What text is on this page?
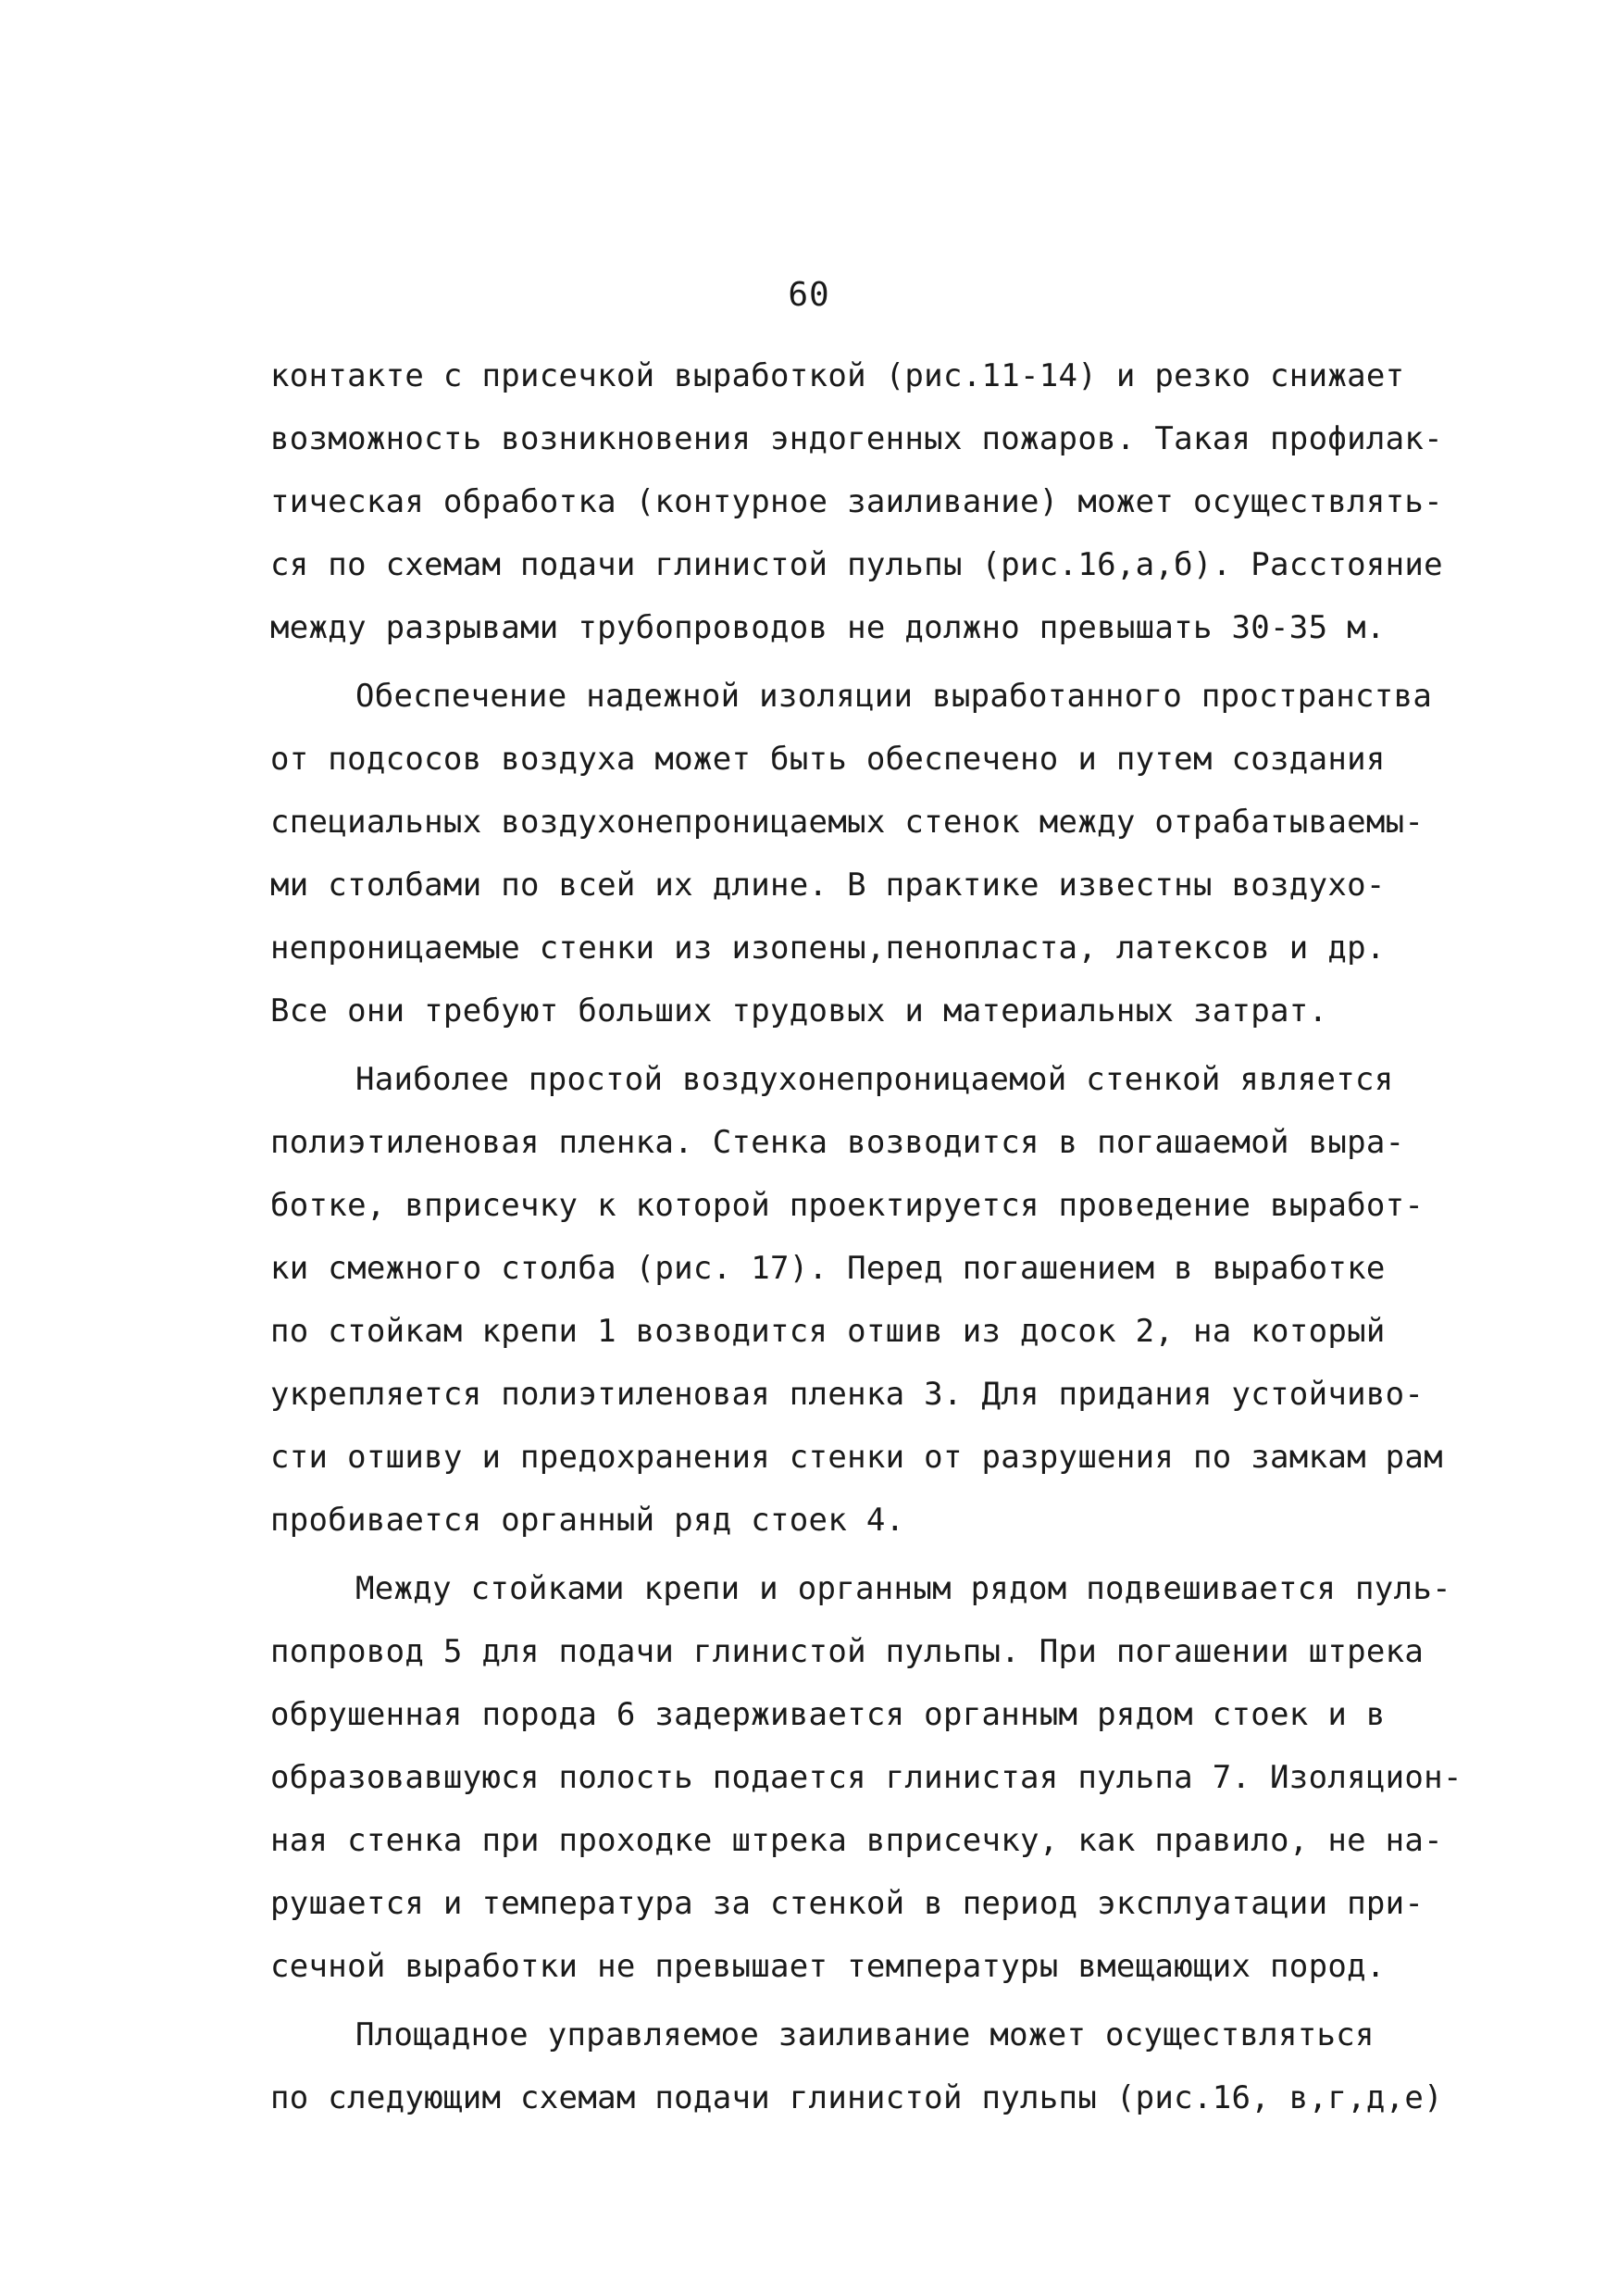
60
контакте с присечкой выработкой (рис.11-14) и резко снижает
возможность возникновения эндогенных пожаров. Такая профилак-
тическая обработка (контурное заиливание) может осуществлять-
ся по схемам подачи глинистой пульпы (рис.16,а,б). Расстояние
между разрывами трубопроводов не должно превышать 30-35 м.
Обеспечение надежной изоляции выработанного пространства
от подсосов воздуха может быть обеспечено и путем создания
специальных воздухонепроницаемых стенок между отрабатываемы-
ми столбами по всей их длине. В практике известны воздухо-
непроницаемые стенки из изопены,пенопласта, латексов и др.
Все они требуют больших трудовых и материальных затрат.
Наиболее простой воздухонепроницаемой стенкой является
полиэтиленовая пленка. Стенка возводится в погашаемой выра-
ботке, вприсечку к которой проектируется проведение выработ-
ки смежного столба (рис. 17). Перед погашением в выработке
по стойкам крепи 1 возводится отшив из досок 2, на который
укрепляется полиэтиленовая пленка 3. Для придания устойчиво-
сти отшиву и предохранения стенки от разрушения по замкам рам
пробивается органный ряд стоек 4.
Между стойками крепи и органным рядом подвешивается пуль-
попровод 5 для подачи глинистой пульпы. При погашении штрека
обрушенная порода 6 задерживается органным рядом стоек и в
образовавшуюся полость подается глинистая пульпа 7. Изоляцион-
ная стенка при проходке штрека вприсечку, как правило, не на-
рушается и температура за стенкой в период эксплуатации при-
сечной выработки не превышает температуры вмещающих пород.
Площадное управляемое заиливание может осуществляться
по следующим схемам подачи глинистой пульпы (рис.16, в,г,д,е)
